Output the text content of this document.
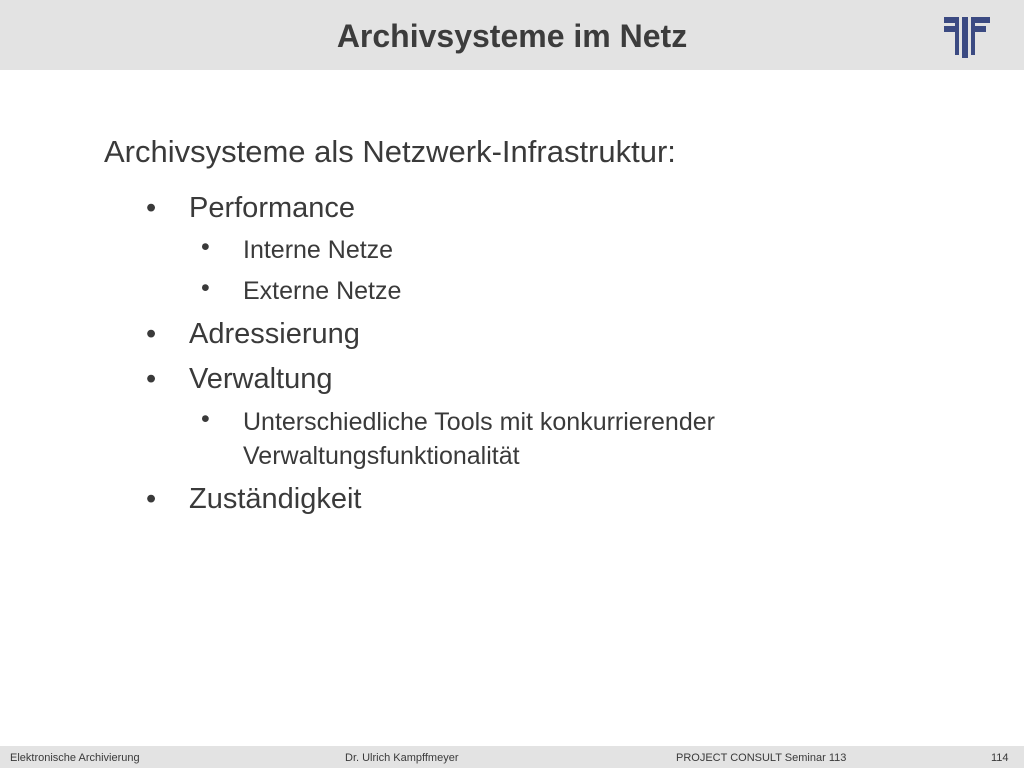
Archivsysteme im Netz
Archivsysteme als Netzwerk-Infrastruktur:
• Performance
• Interne Netze
• Externe Netze
• Adressierung
• Verwaltung
• Unterschiedliche Tools mit konkurrierender
Verwaltungsfunktionalität
• Zuständigkeit
Elektronische Archivierung	Dr. Ulrich Kampffmeyer	PROJECT CONSULT Seminar 113	114
